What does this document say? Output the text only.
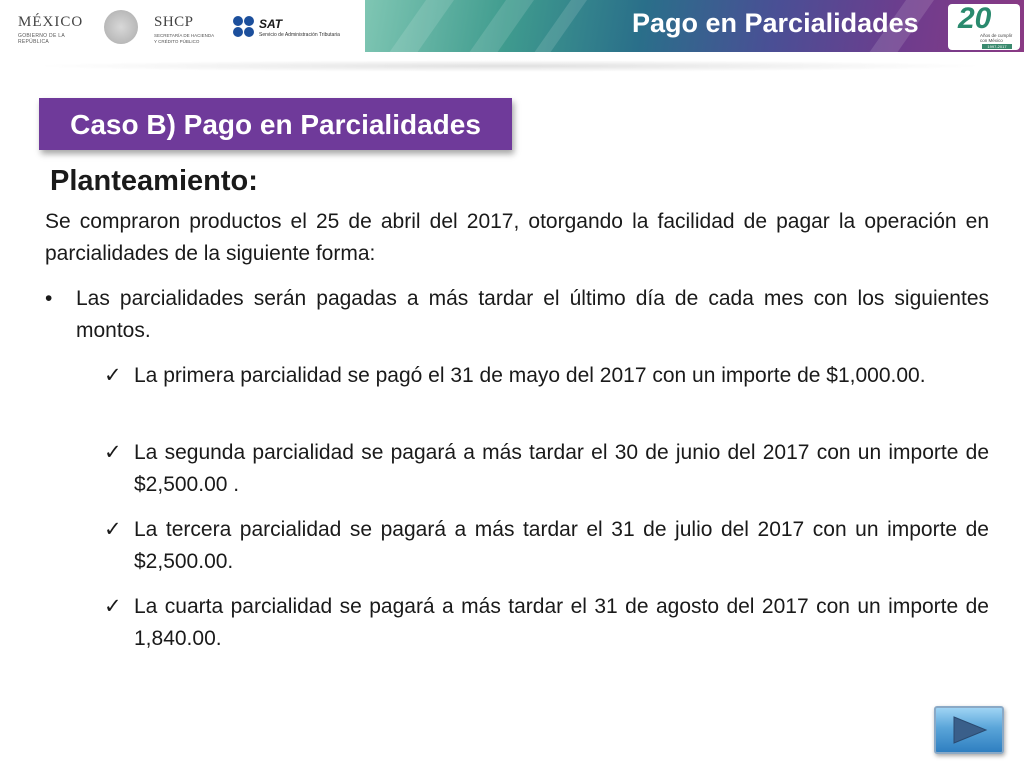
MÉXICO
GOBIERNO DE LA REPÚBLICA
SHCP
SECRETARÍA DE HACIENDA
Y CRÉDITO PÚBLICO
SAT
Servicio de Administración Tributaria	Pago en Parcialidades 20
Años de cumplir
con México
1997-2017
Caso B) Pago en Parcialidades
Planteamiento:
Se compraron productos el 25 de abril del 2017, otorgando la facilidad de pagar la operación en parcialidades de la siguiente forma:
• Las parcialidades serán pagadas a más tardar el último día de cada mes con los siguientes montos.
✓ La primera parcialidad se pagó el 31 de mayo del 2017 con un importe de $1,000.00.
✓ La segunda parcialidad se pagará a más tardar el 30 de junio del 2017 con un importe de $2,500.00 .
✓ La tercera parcialidad se pagará a más tardar el 31 de julio del 2017 con un importe de $2,500.00.
✓ La cuarta parcialidad se pagará a más tardar el 31 de agosto del 2017 con un importe de 1,840.00.
